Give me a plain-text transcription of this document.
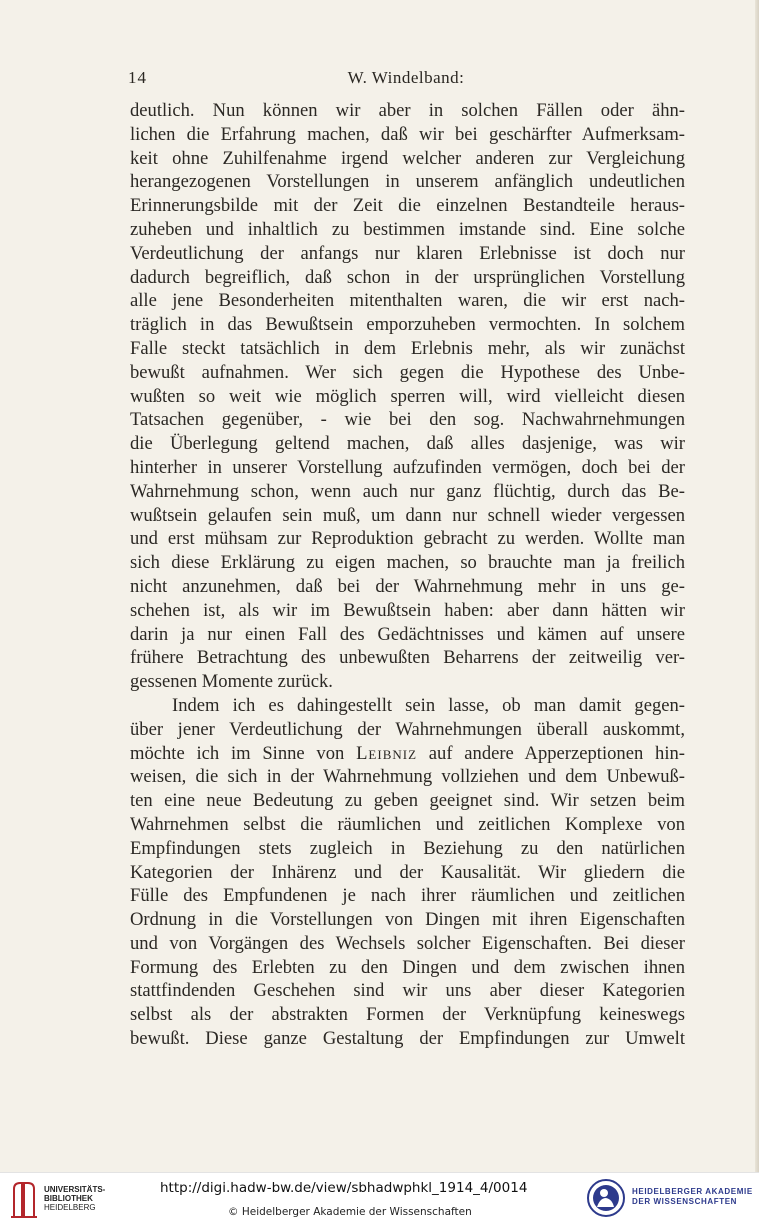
14	W. Windelband:
deutlich. Nun können wir aber in solchen Fällen oder ähn-
lichen die Erfahrung machen, daß wir bei geschärfter Aufmerksam-
keit ohne Zuhilfenahme irgend welcher anderen zur Vergleichung
herangezogenen Vorstellungen in unserem anfänglich undeutlichen
Erinnerungsbilde mit der Zeit die einzelnen Bestandteile heraus-
zuheben und inhaltlich zu bestimmen imstande sind. Eine solche
Verdeutlichung der anfangs nur klaren Erlebnisse ist doch nur
dadurch begreiflich, daß schon in der ursprünglichen Vorstellung
alle jene Besonderheiten mitenthalten waren, die wir erst nach-
träglich in das Bewußtsein emporzuheben vermochten. In solchem
Falle steckt tatsächlich in dem Erlebnis mehr, als wir zunächst
bewußt aufnahmen. Wer sich gegen die Hypothese des Unbe-
wußten so weit wie möglich sperren will, wird vielleicht diesen
Tatsachen gegenüber, - wie bei den sog. Nachwahrnehmungen
die Überlegung geltend machen, daß alles dasjenige, was wir
hinterher in unserer Vorstellung aufzufinden vermögen, doch bei der
Wahrnehmung schon, wenn auch nur ganz flüchtig, durch das Be-
wußtsein gelaufen sein muß, um dann nur schnell wieder vergessen
und erst mühsam zur Reproduktion gebracht zu werden. Wollte man
sich diese Erklärung zu eigen machen, so brauchte man ja freilich
nicht anzunehmen, daß bei der Wahrnehmung mehr in uns ge-
schehen ist, als wir im Bewußtsein haben: aber dann hätten wir
darin ja nur einen Fall des Gedächtnisses und kämen auf unsere
frühere Betrachtung des unbewußten Beharrens der zeitweilig ver-
gessenen Momente zurück.
Indem ich es dahingestellt sein lasse, ob man damit gegen-
über jener Verdeutlichung der Wahrnehmungen überall auskommt,
möchte ich im Sinne von Leibniz auf andere Apperzeptionen hin-
weisen, die sich in der Wahrnehmung vollziehen und dem Unbewuß-
ten eine neue Bedeutung zu geben geeignet sind. Wir setzen beim
Wahrnehmen selbst die räumlichen und zeitlichen Komplexe von
Empfindungen stets zugleich in Beziehung zu den natürlichen
Kategorien der Inhärenz und der Kausalität. Wir gliedern die
Fülle des Empfundenen je nach ihrer räumlichen und zeitlichen
Ordnung in die Vorstellungen von Dingen mit ihren Eigenschaften
und von Vorgängen des Wechsels solcher Eigenschaften. Bei dieser
Formung des Erlebten zu den Dingen und dem zwischen ihnen
stattfindenden Geschehen sind wir uns aber dieser Kategorien
selbst als der abstrakten Formen der Verknüpfung keineswegs
bewußt. Diese ganze Gestaltung der Empfindungen zur Umwelt
UNIVERSITÄTS-
BIBLIOTHEK
HEIDELBERG
http://digi.hadw-bw.de/view/sbhadwphkl_1914_4/0014
© Heidelberger Akademie der Wissenschaften
HEIDELBERGER AKADEMIE
DER WISSENSCHAFTEN
